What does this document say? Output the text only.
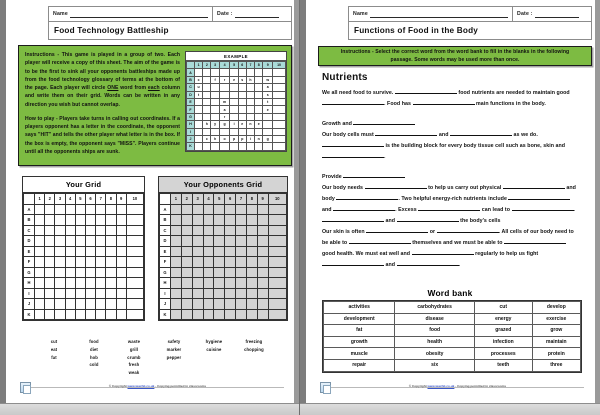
Name	Date :
Food Technology Battleship
Instructions - This game is played in a group of two. Each player will receive a copy of this sheet. The aim of the game is to be the first to sink all your opponents battleships made up from the food technology glossary of terms at the bottom of the page. Each player will circle ONE word from each column and write them on their grid. Words can be written in any direction you wish but cannot overlap.
How to play - Players take turns in calling out coordinates. If a players opponent has a letter in the coordinate, the opponent says "HIT" and tells the other player what letter is in the box. If the box is empty, the opponent says "MISS". Players continue until all the opponents ships are sunk.
EXAMPLE
	1	2	3	4	5	6	7	8	9	10
A										
B	c		f	r	e	s	h		w	
C	u								a	
D	t								s	
E				m					t	
F				a					e	
G				r						
H		h	y	g	i	e	n	e		
I										
J		c	h	o	p	p	i	n	g	
K										
Your Grid
	1	2	3	4	5	6	7	8	9	10
A										
B										
C										
D										
E										
F										
G										
H										
I										
J										
K										
Your Opponents Grid
	1	2	3	4	5	6	7	8	9	10
A										
B										
C										
D										
E										
F										
G										
H										
I										
J										
K										
cut
eat
fat
food
diet
hob
cold
waste
grill
crumb
fresh
weak
safety
marker
pepper
hygiene
cuisine
freezing
chopping
© Copyright www.teachit.co.uk - Copying permitted in classrooms
Name	Date :
Functions of Food in the Body
Instructions - Select the correct word from the word bank to fill in the blanks in the following passage. Some words may be used more than once.
Nutrients

We all need food to survive.	food nutrients are needed to maintain good . Food has	main functions in the body.

Growth and

Our body cells must	and	as we do.  is the building block for every body tissue cell such as bone, skin and .

Provide

Our body needs	to help us carry out physical	and body	. Two helpful energy-rich nutrients include  and	. Excess	can lead to	.

and	the body's cells

Our skin is often	or	. All cells of our body need to be able to	themselves and we must be able to  good health. We must eat well and	regularly to help us fight  and	.

Word bank
activities	carbohydrates	cut	develop
development	disease	energy	exercise
fat	food	grazed	grow
growth	health	infection	maintain
muscle	obesity	processes	protein
repair	six	teeth	three
© Copyright www.teachit.co.uk - Copying permitted in classrooms
